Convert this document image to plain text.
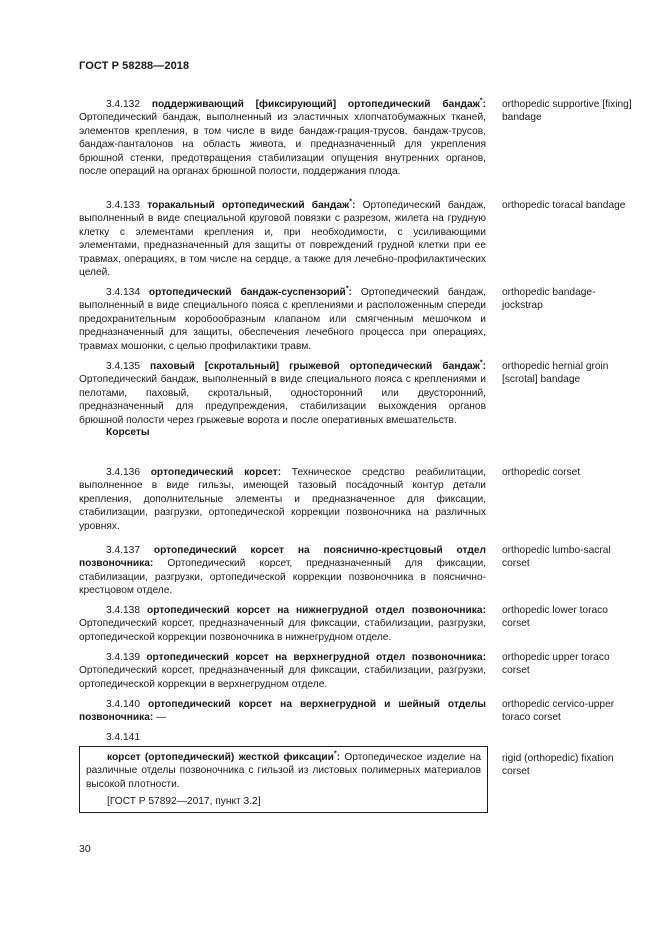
ГОСТ Р 58288—2018
3.4.132 поддерживающий [фиксирующий] ортопедический бандаж*: Ортопедический бандаж, выполненный из эластичных хлопчатобумажных тканей, элементов крепления, в том числе в виде бандаж-грация-трусов, бандаж-трусов, бандаж-панталонов на область живота, и предназначенный для укрепления брюшной стенки, предотвращения стабилизации опущения внутренних органов, после операций на органах брюшной полости, поддержания плода.
orthopedic supportive [fixing] bandage
3.4.133 торакальный ортопедический бандаж*: Ортопедический бандаж, выполненный в виде специальной круговой повязки с разрезом, жилета на грудную клетку с элементами крепления и, при необходимости, с усиливающими элементами, предназначенный для защиты от повреждений грудной клетки при ее травмах, операциях, в том числе на сердце, а также для лечебно-профилактических целей.
orthopedic toracal bandage
3.4.134 ортопедический бандаж-суспензорий*: Ортопедический бандаж, выполненный в виде специального пояса с креплениями и расположенным спереди предохранительным коробообразным клапаном или смягченным мешочком и предназначенный для защиты, обеспечения лечебного процесса при операциях, травмах мошонки, с целью профилактики травм.
orthopedic bandage-jockstrap
3.4.135 паховый [скротальный] грыжевой ортопедический бандаж*: Ортопедический бандаж, выполненный в виде специального пояса с креплениями и пелотами, паховый, скротальный, односторонний или двусторонний, предназначенный для предупреждения, стабилизации выхождения органов брюшной полости через грыжевые ворота и после оперативных вмешательств.
orthopedic hernial groin [scrotal] bandage
Корсеты
3.4.136 ортопедический корсет: Техническое средство реабилитации, выполненное в виде гильзы, имеющей тазовый посадочный контур детали крепления, дополнительные элементы и предназначенное для фиксации, стабилизации, разгрузки, ортопедической коррекции позвоночника на различных уровнях.
orthopedic corset
3.4.137 ортопедический корсет на пояснично-крестцовый отдел позвоночника: Ортопедический корсет, предназначенный для фиксации, стабилизации, разгрузки, ортопедической коррекции позвоночника в пояснично-крестцовом отделе.
orthopedic lumbo-sacral corset
3.4.138 ортопедический корсет на нижнегрудной отдел позвоночника: Ортопедический корсет, предназначенный для фиксации, стабилизации, разгрузки, ортопедической коррекции позвоночника в нижнегрудном отделе.
orthopedic lower toraco corset
3.4.139 ортопедический корсет на верхнегрудной отдел позвоночника: Ортопедический корсет, предназначенный для фиксации, стабилизации, разгрузки, ортопедической коррекции в верхнегрудном отделе.
orthopedic upper toraco corset
3.4.140 ортопедический корсет на верхнегрудной и шейный отделы позвоночника: —
orthopedic cervico-upper toraco corset
3.4.141
корсет (ортопедический) жесткой фиксации*: Ортопедическое изделие на различные отделы позвоночника с гильзой из листовых полимерных материалов высокой плотности.
[ГОСТ Р 57892—2017, пункт 3.2]
rigid (orthopedic) fixation corset
30
